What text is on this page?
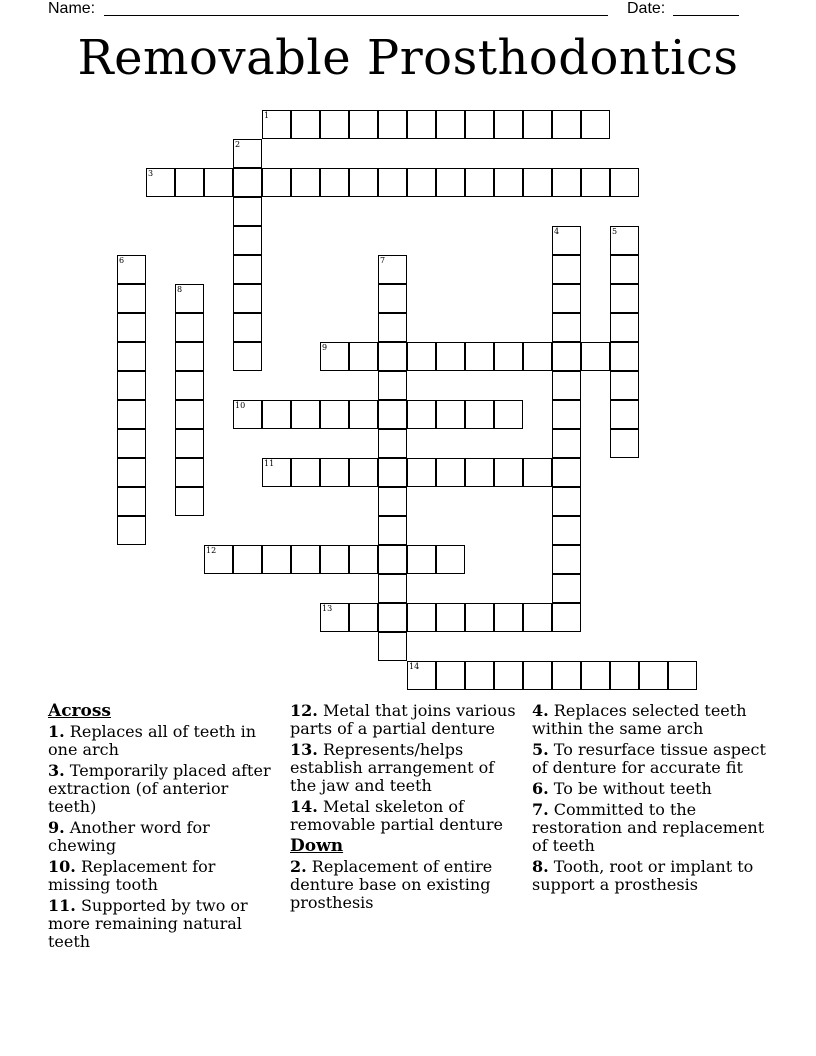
Name:	Date:
Removable Prosthodontics
1
2
3
4	5
6	7
8
9
10
11
12
13
14
Across
1. Replaces all of teeth in one arch
3. Temporarily placed after extraction (of anterior teeth)
9. Another word for chewing
10. Replacement for missing tooth
11. Supported by two or more remaining natural teeth
12. Metal that joins various parts of a partial denture
13. Represents/helps establish arrangement of the jaw and teeth
14. Metal skeleton of removable partial denture
Down
2. Replacement of entire denture base on existing prosthesis
4. Replaces selected teeth within the same arch
5. To resurface tissue aspect of denture for accurate fit
6. To be without teeth
7. Committed to the restoration and replacement of teeth
8. Tooth, root or implant to support a prosthesis
